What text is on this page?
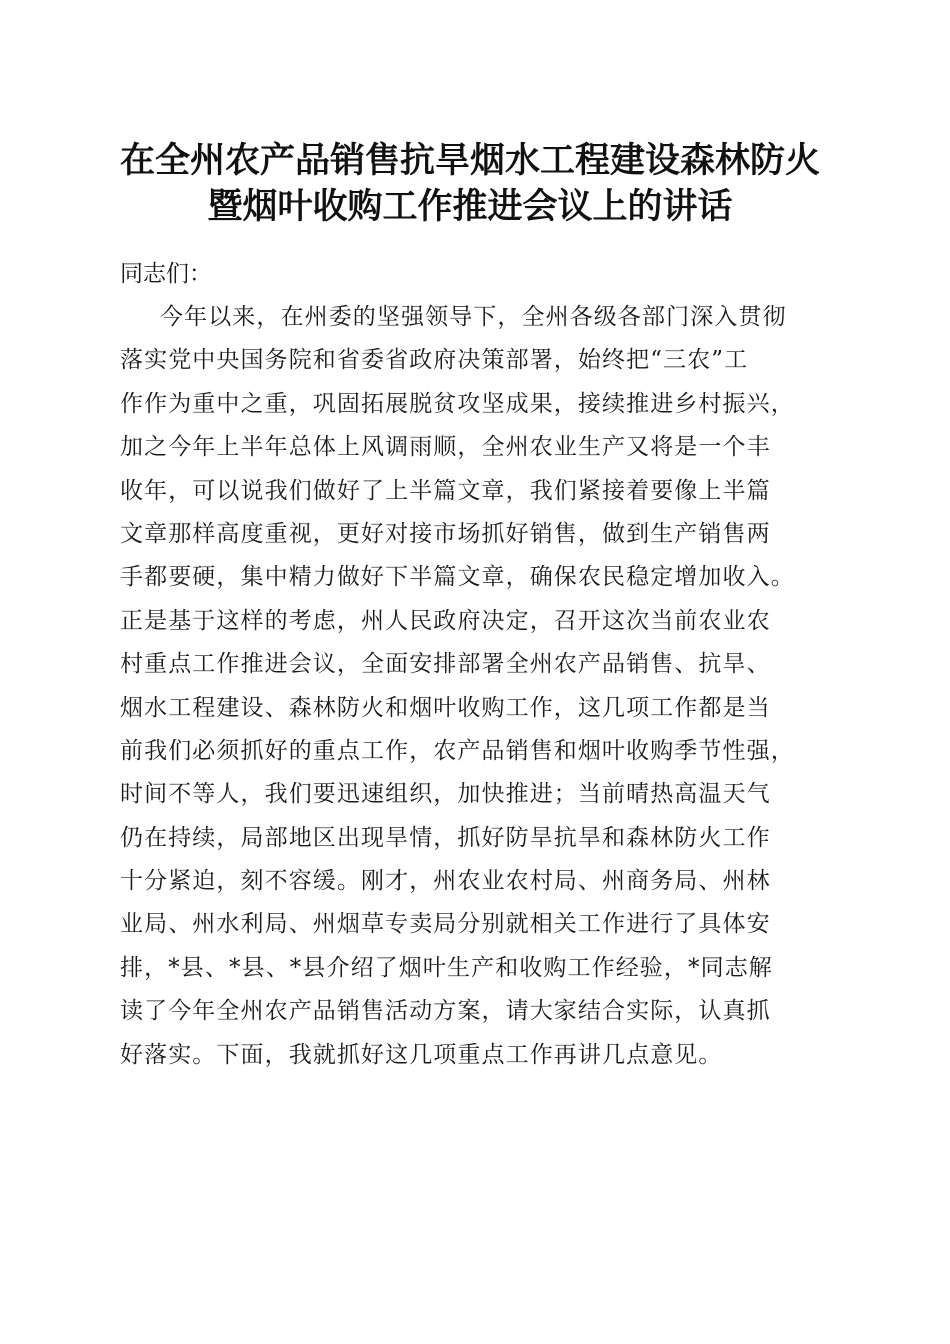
在全州农产品销售抗旱烟水工程建设森林防火
暨烟叶收购工作推进会议上的讲话

同志们：

今年以来，在州委的坚强领导下，全州各级各部门深入贯彻
落实党中央国务院和省委省政府决策部署，始终把“三农”工
作作为重中之重，巩固拓展脱贫攻坚成果，接续推进乡村振兴，
加之今年上半年总体上风调雨顺，全州农业生产又将是一个丰
收年，可以说我们做好了上半篇文章，我们紧接着要像上半篇
文章那样高度重视，更好对接市场抓好销售，做到生产销售两
手都要硬，集中精力做好下半篇文章，确保农民稳定增加收入。
正是基于这样的考虑，州人民政府决定，召开这次当前农业农
村重点工作推进会议，全面安排部署全州农产品销售、抗旱、
烟水工程建设、森林防火和烟叶收购工作，这几项工作都是当
前我们必须抓好的重点工作，农产品销售和烟叶收购季节性强，
时间不等人，我们要迅速组织，加快推进；当前晴热高温天气
仍在持续，局部地区出现旱情，抓好防旱抗旱和森林防火工作
十分紧迫，刻不容缓。刚才，州农业农村局、州商务局、州林
业局、州水利局、州烟草专卖局分别就相关工作进行了具体安
排，*县、*县、*县介绍了烟叶生产和收购工作经验，*同志解
读了今年全州农产品销售活动方案，请大家结合实际，认真抓
好落实。下面，我就抓好这几项重点工作再讲几点意见。
